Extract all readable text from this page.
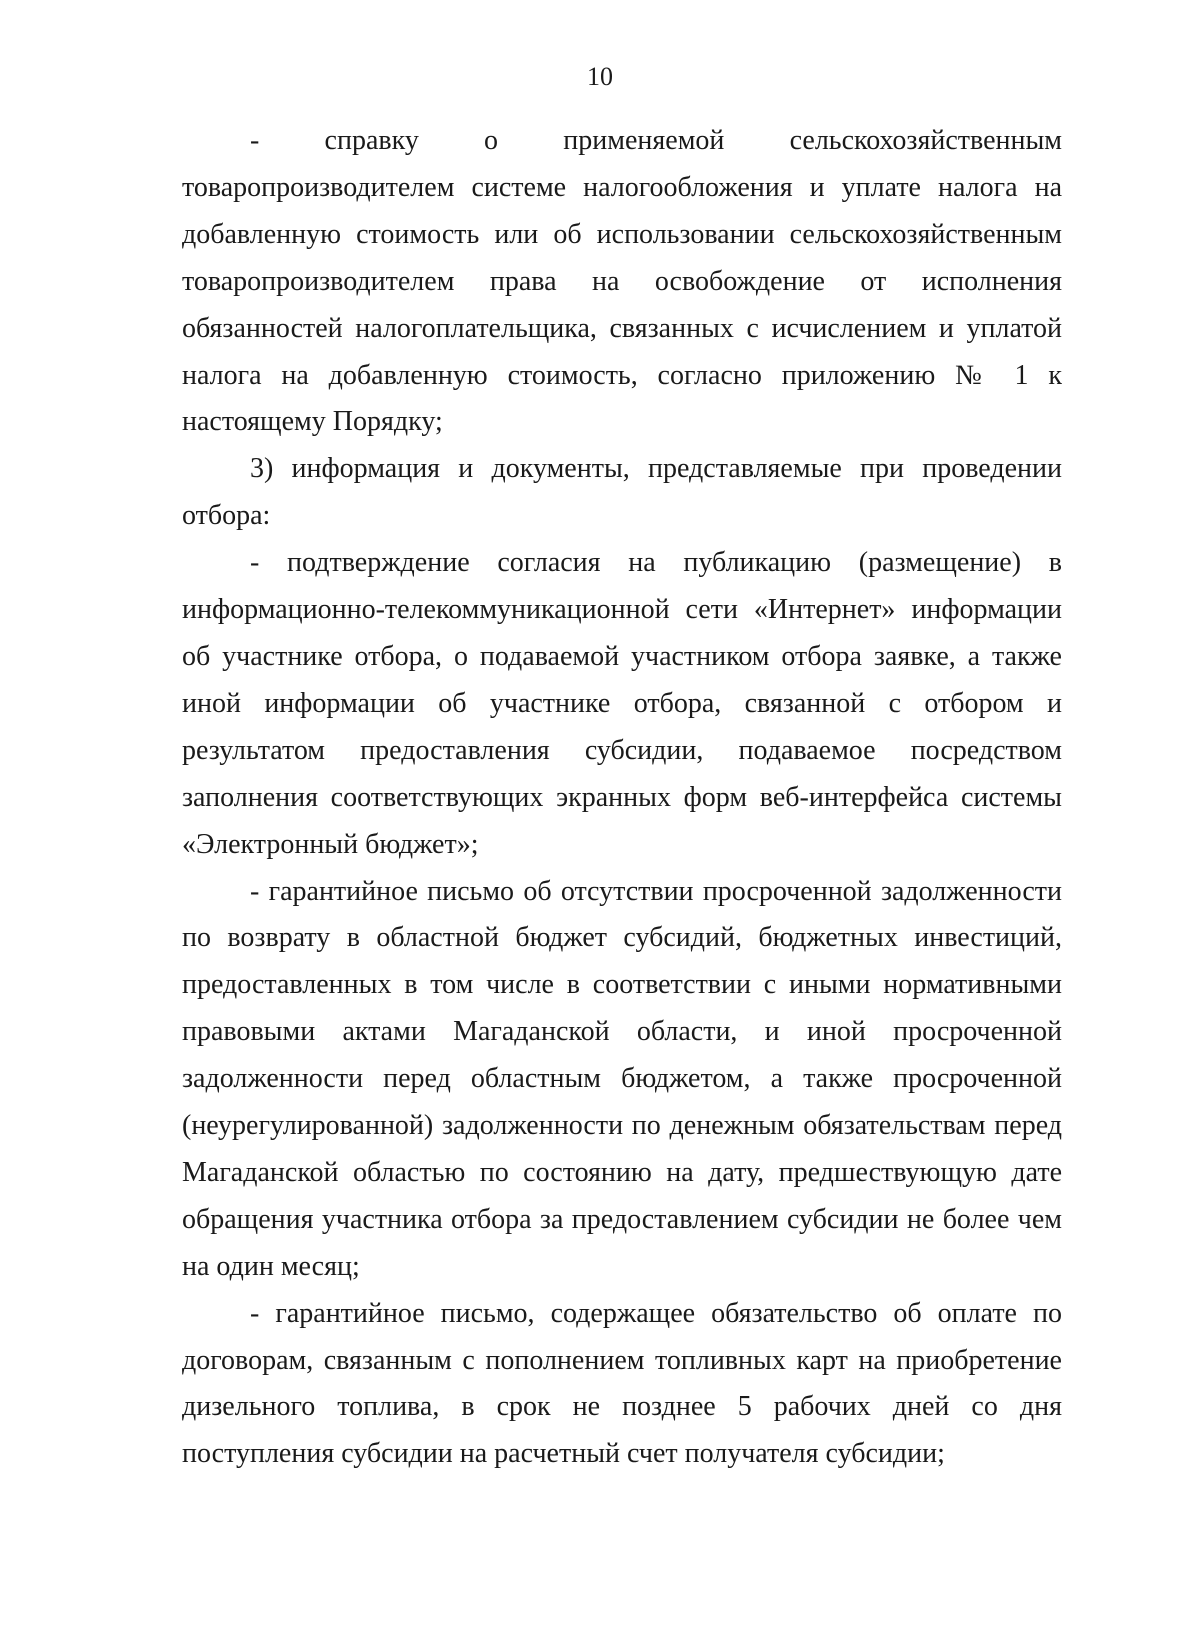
10

- справку о применяемой сельскохозяйственным товаропроизводителем системе налогообложения и уплате налога на добавленную стоимость или об использовании сельскохозяйственным товаропроизводителем права на освобождение от исполнения обязанностей налогоплательщика, связанных с исчислением и уплатой налога на добавленную стоимость, согласно приложению № 1 к настоящему Порядку;

3) информация и документы, представляемые при проведении отбора:

- подтверждение согласия на публикацию (размещение) в информационно-телекоммуникационной сети «Интернет» информации об участнике отбора, о подаваемой участником отбора заявке, а также иной информации об участнике отбора, связанной с отбором и результатом предоставления субсидии, подаваемое посредством заполнения соответствующих экранных форм веб-интерфейса системы «Электронный бюджет»;

- гарантийное письмо об отсутствии просроченной задолженности по возврату в областной бюджет субсидий, бюджетных инвестиций, предоставленных в том числе в соответствии с иными нормативными правовыми актами Магаданской области, и иной просроченной задолженности перед областным бюджетом, а также просроченной (неурегулированной) задолженности по денежным обязательствам перед Магаданской областью по состоянию на дату, предшествующую дате обращения участника отбора за предоставлением субсидии не более чем на один месяц;

- гарантийное письмо, содержащее обязательство об оплате по договорам, связанным с пополнением топливных карт на приобретение дизельного топлива, в срок не позднее 5 рабочих дней со дня поступления субсидии на расчетный счет получателя субсидии;
